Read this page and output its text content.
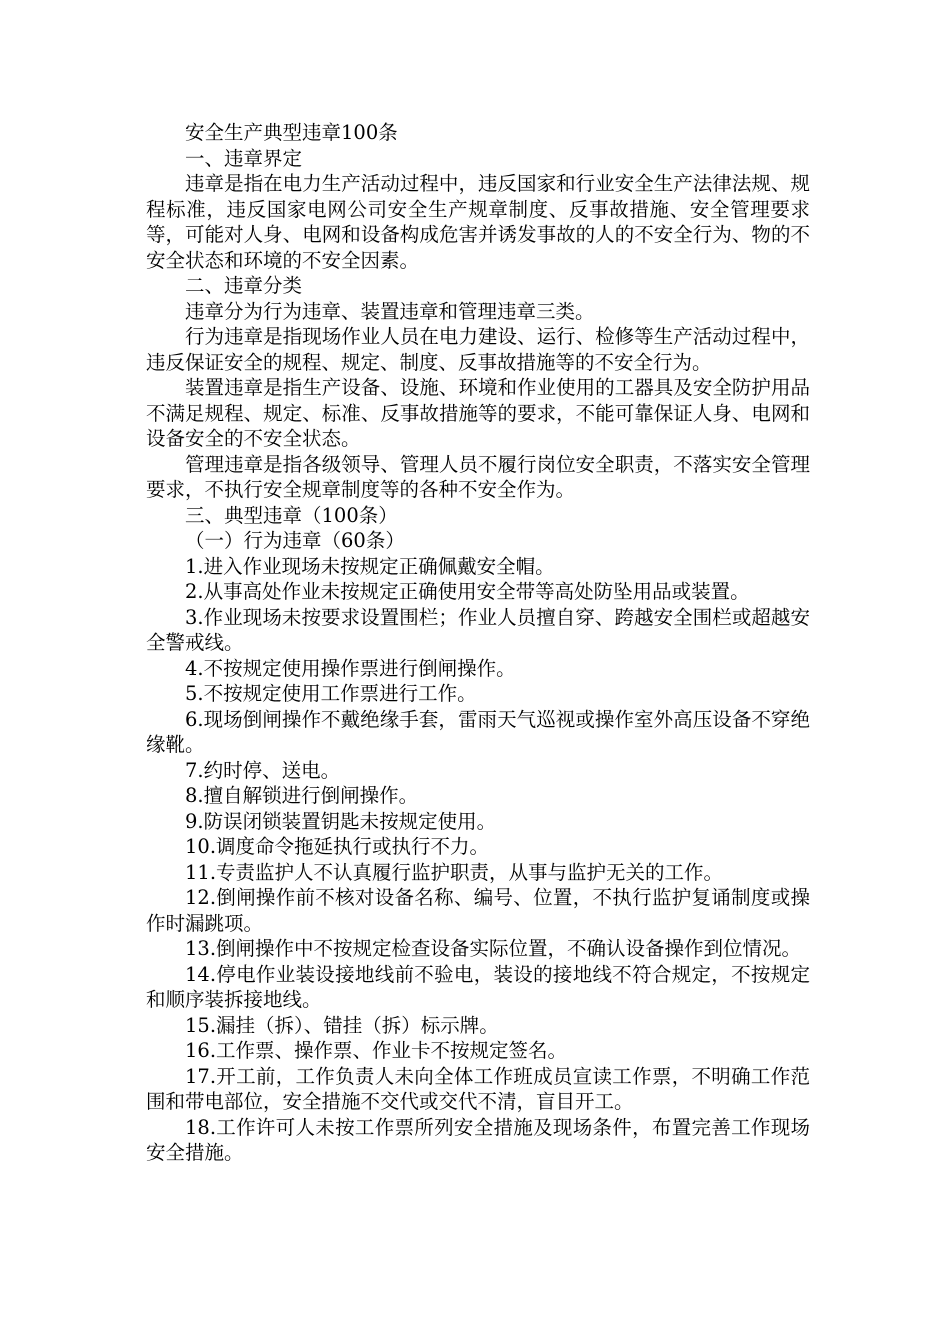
安全生产典型违章100条

一、违章界定

违章是指在电力生产活动过程中，违反国家和行业安全生产法律法规、规程标准，违反国家电网公司安全生产规章制度、反事故措施、安全管理要求等，可能对人身、电网和设备构成危害并诱发事故的人的不安全行为、物的不安全状态和环境的不安全因素。

二、违章分类

违章分为行为违章、装置违章和管理违章三类。

行为违章是指现场作业人员在电力建设、运行、检修等生产活动过程中，违反保证安全的规程、规定、制度、反事故措施等的不安全行为。

装置违章是指生产设备、设施、环境和作业使用的工器具及安全防护用品不满足规程、规定、标准、反事故措施等的要求，不能可靠保证人身、电网和设备安全的不安全状态。

管理违章是指各级领导、管理人员不履行岗位安全职责，不落实安全管理要求，不执行安全规章制度等的各种不安全作为。

三、典型违章（100条）

（一）行为违章（60条）

1.进入作业现场未按规定正确佩戴安全帽。

2.从事高处作业未按规定正确使用安全带等高处防坠用品或装置。

3.作业现场未按要求设置围栏；作业人员擅自穿、跨越安全围栏或超越安全警戒线。

4.不按规定使用操作票进行倒闸操作。

5.不按规定使用工作票进行工作。

6.现场倒闸操作不戴绝缘手套，雷雨天气巡视或操作室外高压设备不穿绝缘靴。

7.约时停、送电。

8.擅自解锁进行倒闸操作。

9.防误闭锁装置钥匙未按规定使用。

10.调度命令拖延执行或执行不力。

11.专责监护人不认真履行监护职责，从事与监护无关的工作。

12.倒闸操作前不核对设备名称、编号、位置，不执行监护复诵制度或操作时漏跳项。

13.倒闸操作中不按规定检查设备实际位置，不确认设备操作到位情况。

14.停电作业装设接地线前不验电，装设的接地线不符合规定，不按规定和顺序装拆接地线。

15.漏挂（拆）、错挂（拆）标示牌。

16.工作票、操作票、作业卡不按规定签名。

17.开工前，工作负责人未向全体工作班成员宣读工作票，不明确工作范围和带电部位，安全措施不交代或交代不清，盲目开工。

18.工作许可人未按工作票所列安全措施及现场条件，布置完善工作现场安全措施。
